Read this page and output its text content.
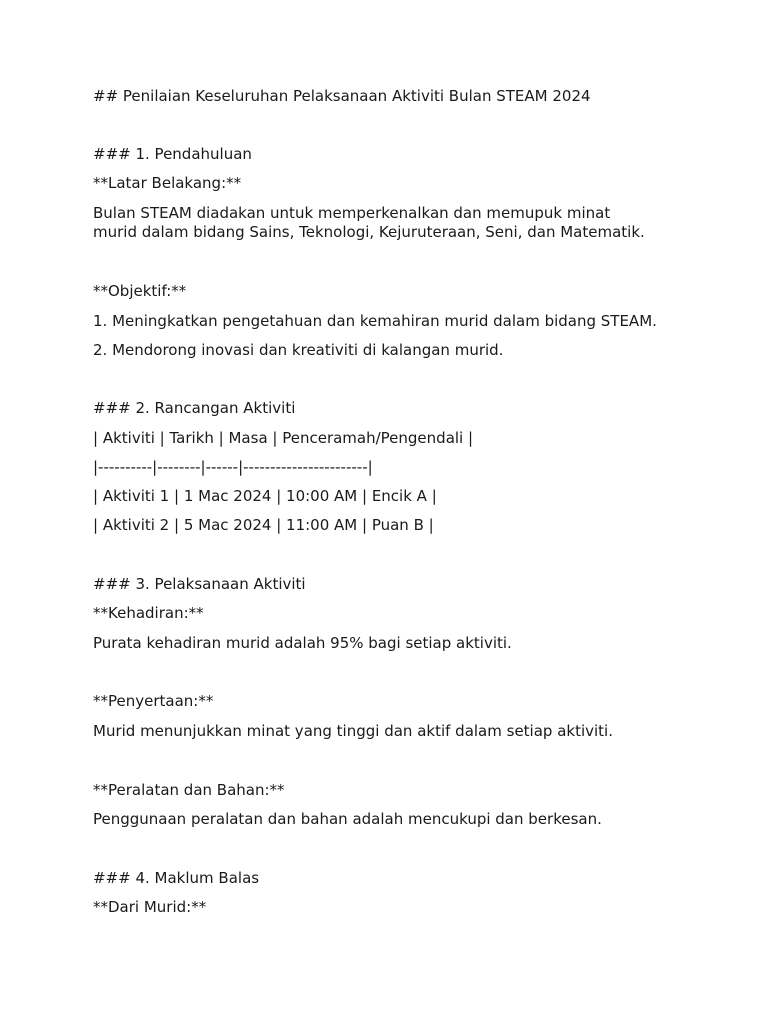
## Penilaian Keseluruhan Pelaksanaan Aktiviti Bulan STEAM 2024

### 1. Pendahuluan

**Latar Belakang:**

Bulan STEAM diadakan untuk memperkenalkan dan memupuk minat

murid dalam bidang Sains, Teknologi, Kejuruteraan, Seni, dan Matematik.

**Objektif:**

1. Meningkatkan pengetahuan dan kemahiran murid dalam bidang STEAM.

2. Mendorong inovasi dan kreativiti di kalangan murid.

### 2. Rancangan Aktiviti

| Aktiviti | Tarikh | Masa | Penceramah/Pengendali |

|----------|--------|------|-----------------------|

| Aktiviti 1 | 1 Mac 2024 | 10:00 AM | Encik A |

| Aktiviti 2 | 5 Mac 2024 | 11:00 AM | Puan B |

### 3. Pelaksanaan Aktiviti

**Kehadiran:**

Purata kehadiran murid adalah 95% bagi setiap aktiviti.

**Penyertaan:**

Murid menunjukkan minat yang tinggi dan aktif dalam setiap aktiviti.

**Peralatan dan Bahan:**

Penggunaan peralatan dan bahan adalah mencukupi dan berkesan.

### 4. Maklum Balas

**Dari Murid:**
